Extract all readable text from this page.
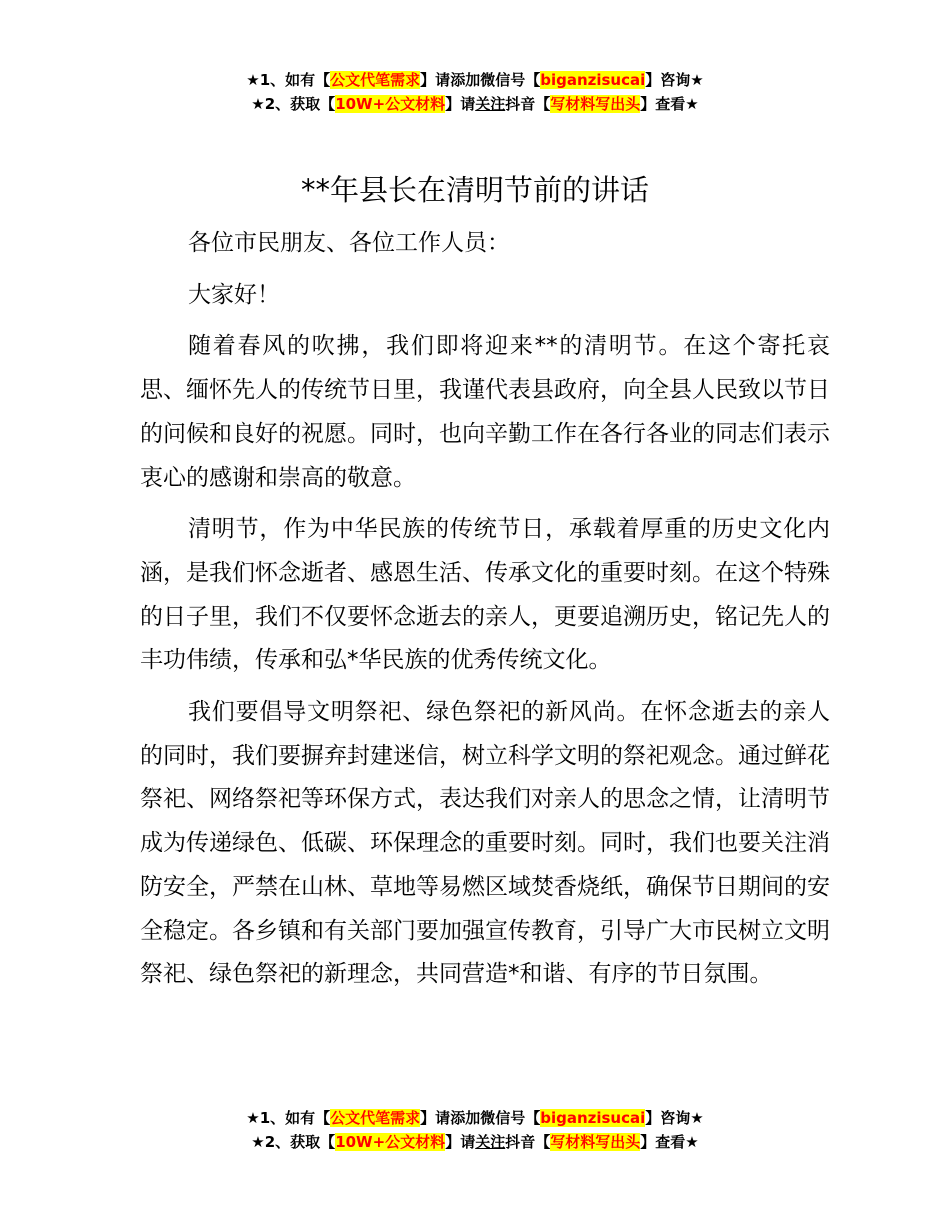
★1、如有【公文代笔需求】请添加微信号【biganzisucai】咨询★
★2、获取【10W+公文材料】请关注抖音【写材料写出头】查看★
**年县长在清明节前的讲话

各位市民朋友、各位工作人员：

大家好！

随着春风的吹拂，我们即将迎来**的清明节。在这个寄托哀思、缅怀先人的传统节日里，我谨代表县政府，向全县人民致以节日的问候和良好的祝愿。同时，也向辛勤工作在各行各业的同志们表示衷心的感谢和崇高的敬意。

清明节，作为中华民族的传统节日，承载着厚重的历史文化内涵，是我们怀念逝者、感恩生活、传承文化的重要时刻。在这个特殊的日子里，我们不仅要怀念逝去的亲人，更要追溯历史，铭记先人的丰功伟绩，传承和弘*华民族的优秀传统文化。

我们要倡导文明祭祀、绿色祭祀的新风尚。在怀念逝去的亲人的同时，我们要摒弃封建迷信，树立科学文明的祭祀观念。通过鲜花祭祀、网络祭祀等环保方式，表达我们对亲人的思念之情，让清明节成为传递绿色、低碳、环保理念的重要时刻。同时，我们也要关注消防安全，严禁在山林、草地等易燃区域焚香烧纸，确保节日期间的安全稳定。各乡镇和有关部门要加强宣传教育，引导广大市民树立文明祭祀、绿色祭祀的新理念，共同营造*和谐、有序的节日氛围。

★1、如有【公文代笔需求】请添加微信号【biganzisucai】咨询★
★2、获取【10W+公文材料】请关注抖音【写材料写出头】查看★
